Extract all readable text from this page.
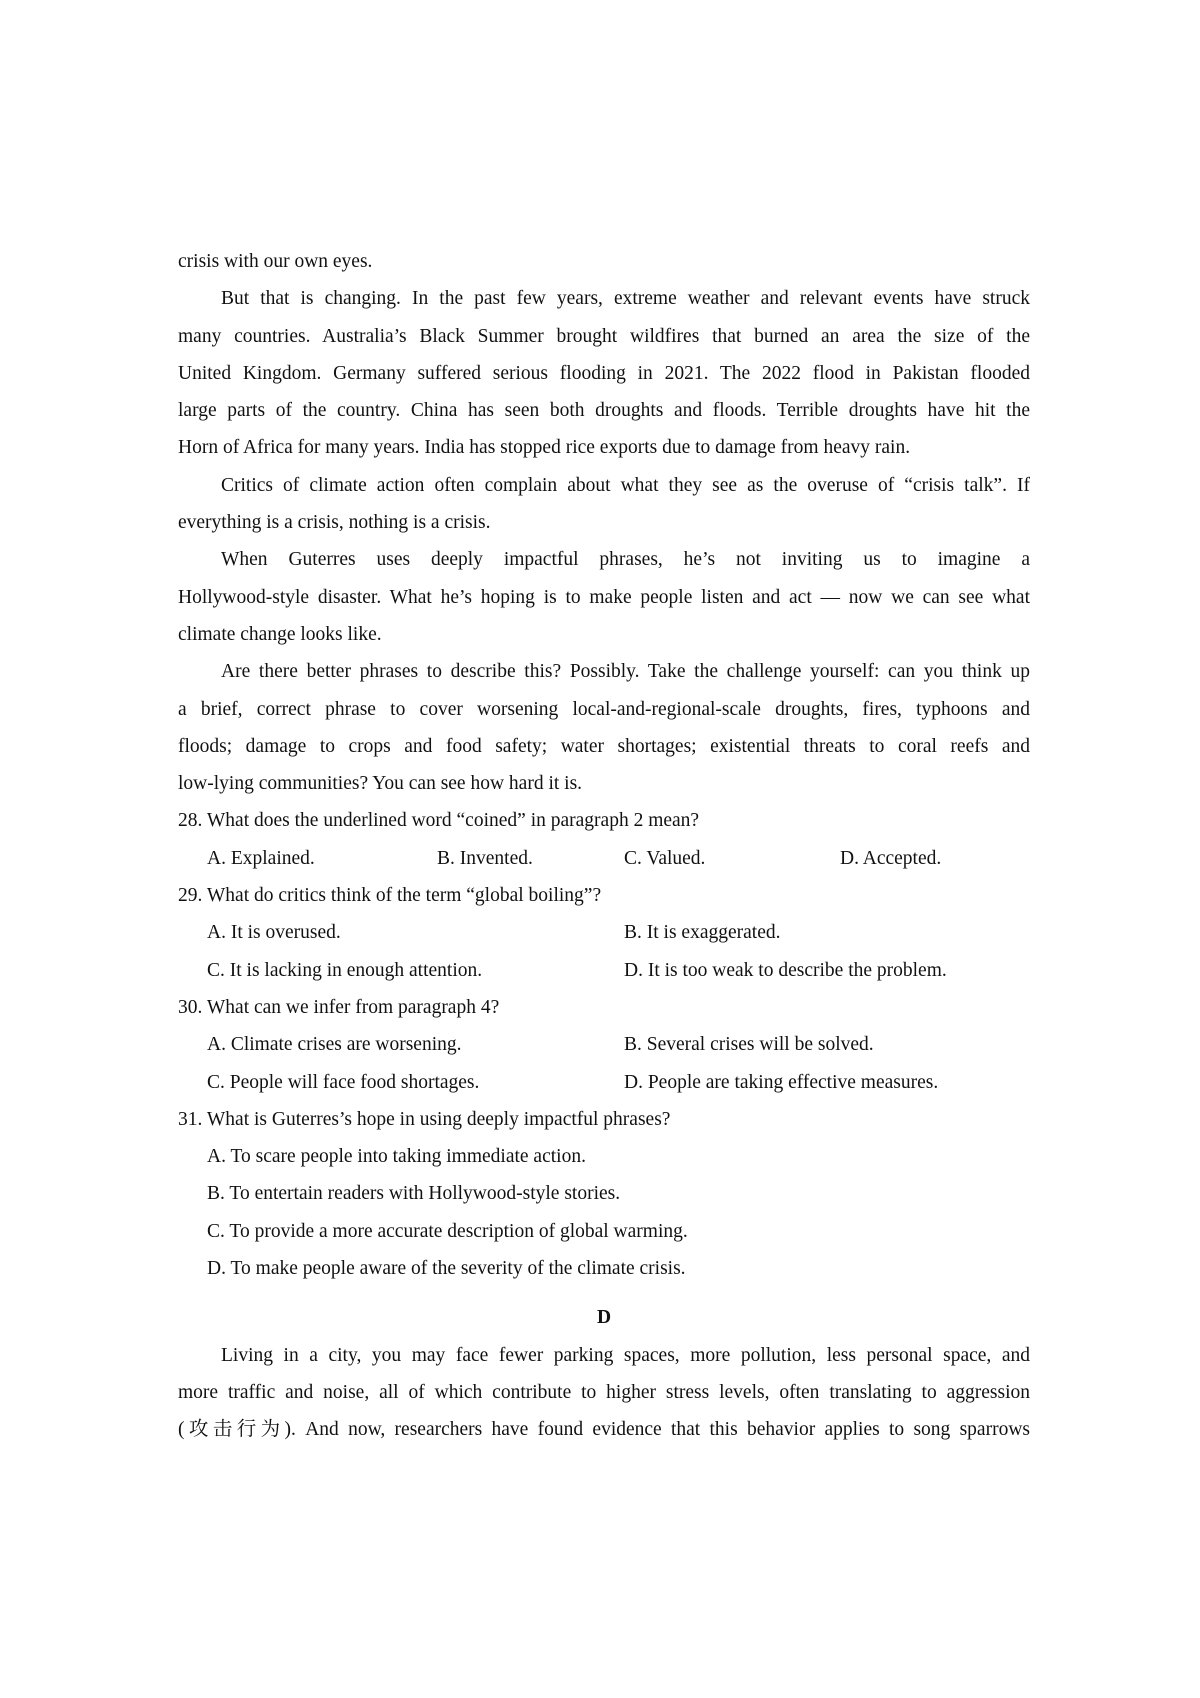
crisis with our own eyes.
But that is changing. In the past few years, extreme weather and relevant events have struck
many countries. Australia’s Black Summer brought wildfires that burned an area the size of the
United Kingdom. Germany suffered serious flooding in 2021. The 2022 flood in Pakistan flooded
large parts of the country. China has seen both droughts and floods. Terrible droughts have hit the
Horn of Africa for many years. India has stopped rice exports due to damage from heavy rain.
Critics of climate action often complain about what they see as the overuse of “crisis talk”. If
everything is a crisis, nothing is a crisis.
When Guterres uses deeply impactful phrases, he’s not inviting us to imagine a
Hollywood-style disaster. What he’s hoping is to make people listen and act — now we can see what
climate change looks like.
Are there better phrases to describe this? Possibly. Take the challenge yourself: can you think up
a brief, correct phrase to cover worsening local-and-regional-scale droughts, fires, typhoons and
floods; damage to crops and food safety; water shortages; existential threats to coral reefs and
low-lying communities? You can see how hard it is.
28. What does the underlined word “coined” in paragraph 2 mean?
A. Explained.	B. Invented.	C. Valued.	D. Accepted.
29. What do critics think of the term “global boiling”?
A. It is overused.	B. It is exaggerated.
C. It is lacking in enough attention.	D. It is too weak to describe the problem.
30. What can we infer from paragraph 4?
A. Climate crises are worsening.	B. Several crises will be solved.
C. People will face food shortages.	D. People are taking effective measures.
31. What is Guterres’s hope in using deeply impactful phrases?
A. To scare people into taking immediate action.
B. To entertain readers with Hollywood-style stories.
C. To provide a more accurate description of global warming.
D. To make people aware of the severity of the climate crisis.
D
Living in a city, you may face fewer parking spaces, more pollution, less personal space, and
more traffic and noise, all of which contribute to higher stress levels, often translating to aggression
(攻击行为). And now, researchers have found evidence that this behavior applies to song sparrows
